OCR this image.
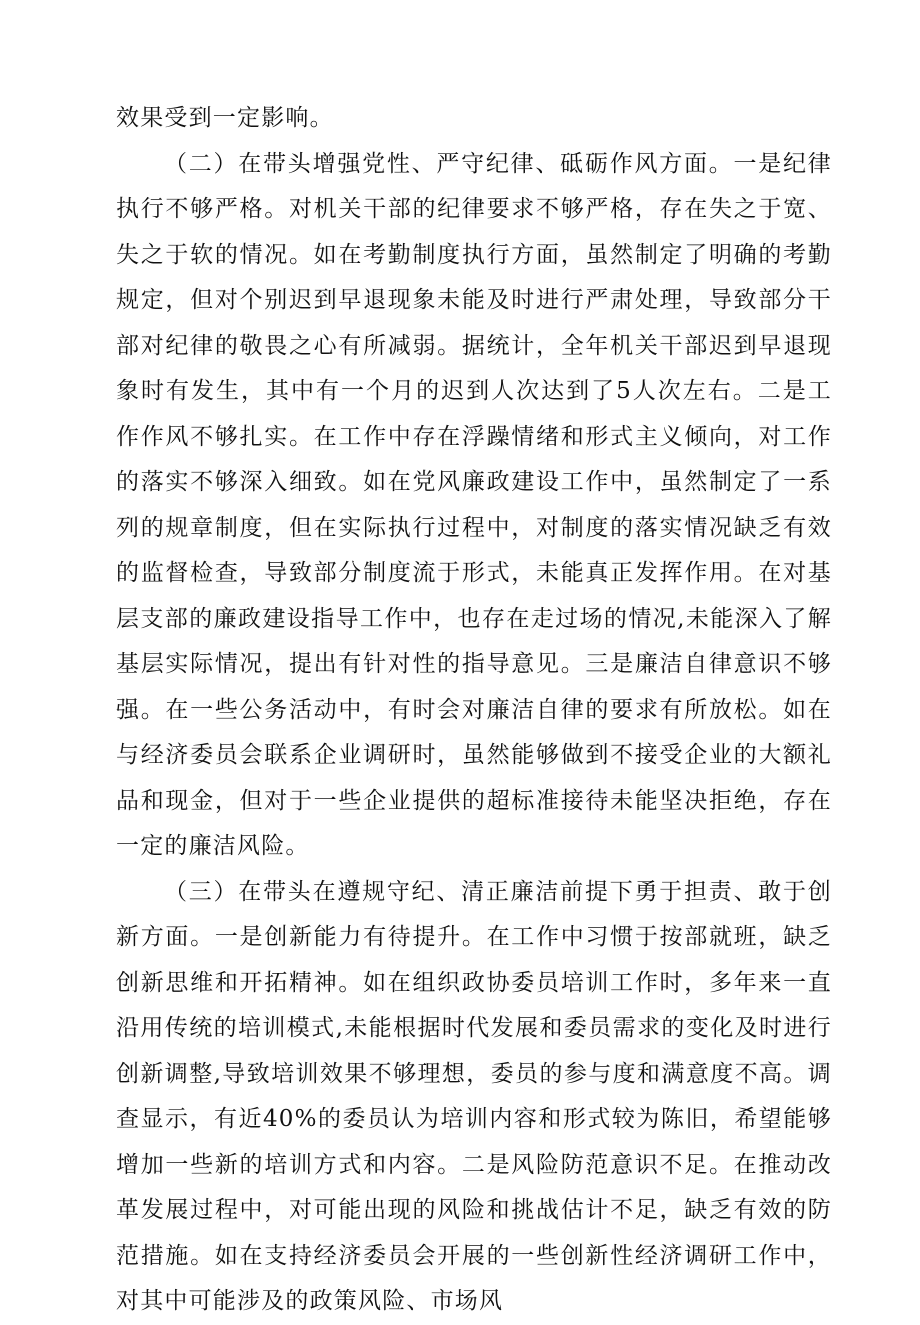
效果受到一定影响。

（二）在带头增强党性、严守纪律、砥砺作风方面。一是纪律执行不够严格。对机关干部的纪律要求不够严格，存在失之于宽、失之于软的情况。如在考勤制度执行方面，虽然制定了明确的考勤规定，但对个别迟到早退现象未能及时进行严肃处理，导致部分干部对纪律的敬畏之心有所减弱。据统计，全年机关干部迟到早退现象时有发生，其中有一个月的迟到人次达到了5人次左右。二是工作作风不够扎实。在工作中存在浮躁情绪和形式主义倾向，对工作的落实不够深入细致。如在党风廉政建设工作中，虽然制定了一系列的规章制度，但在实际执行过程中，对制度的落实情况缺乏有效的监督检查，导致部分制度流于形式，未能真正发挥作用。在对基层支部的廉政建设指导工作中，也存在走过场的情况,未能深入了解基层实际情况，提出有针对性的指导意见。三是廉洁自律意识不够强。在一些公务活动中，有时会对廉洁自律的要求有所放松。如在与经济委员会联系企业调研时，虽然能够做到不接受企业的大额礼品和现金，但对于一些企业提供的超标准接待未能坚决拒绝，存在一定的廉洁风险。

（三）在带头在遵规守纪、清正廉洁前提下勇于担责、敢于创新方面。一是创新能力有待提升。在工作中习惯于按部就班，缺乏创新思维和开拓精神。如在组织政协委员培训工作时，多年来一直沿用传统的培训模式,未能根据时代发展和委员需求的变化及时进行创新调整,导致培训效果不够理想，委员的参与度和满意度不高。调查显示，有近40%的委员认为培训内容和形式较为陈旧，希望能够增加一些新的培训方式和内容。二是风险防范意识不足。在推动改革发展过程中，对可能出现的风险和挑战估计不足，缺乏有效的防范措施。如在支持经济委员会开展的一些创新性经济调研工作中，对其中可能涉及的政策风险、市场风
